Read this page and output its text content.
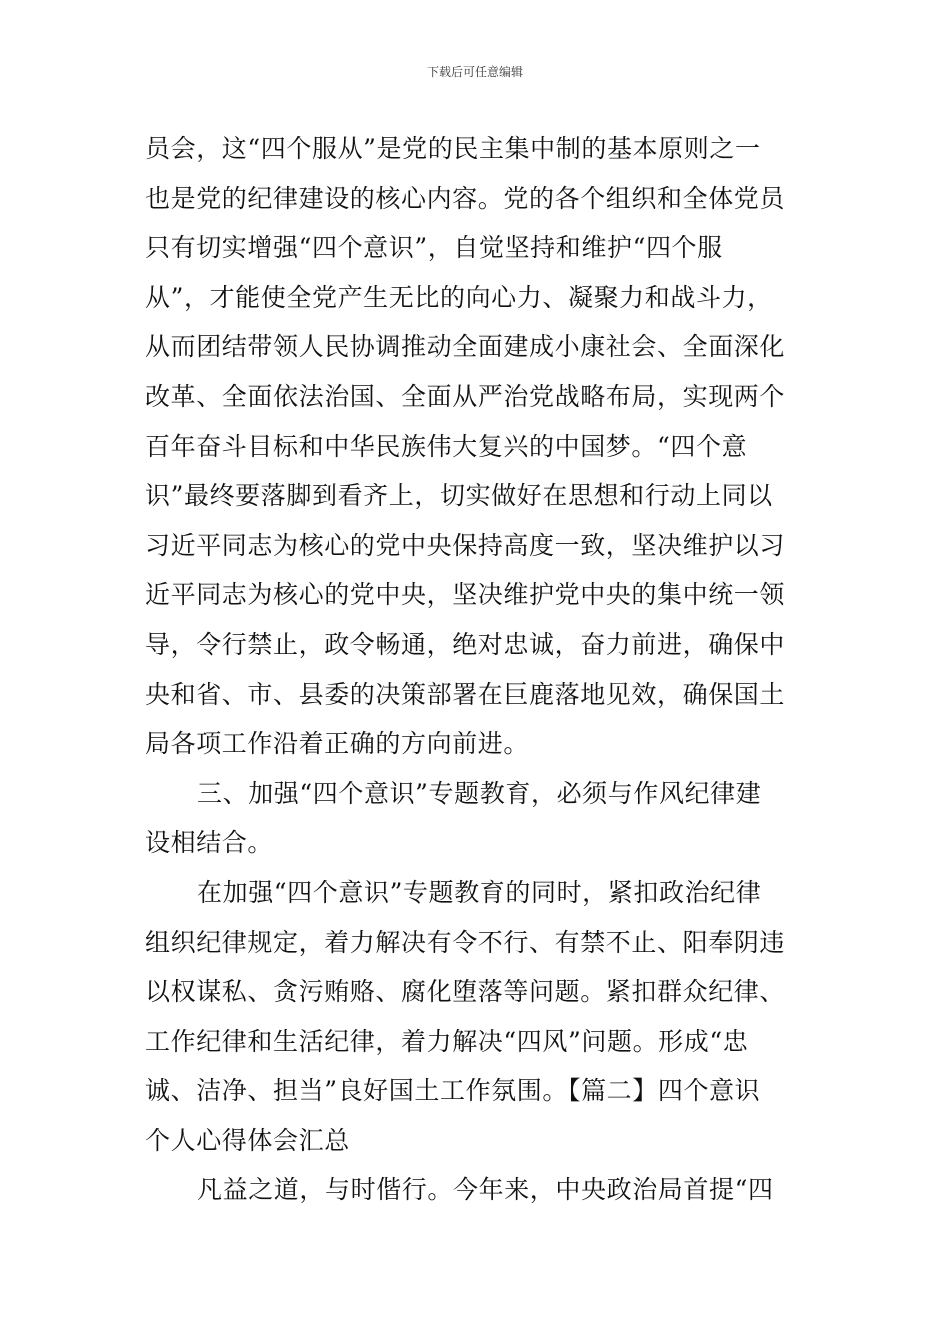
下载后可任意编辑
员会，这“四个服从”是党的民主集中制的基本原则之一
也是党的纪律建设的核心内容。党的各个组织和全体党员
只有切实增强“四个意识”，自觉坚持和维护“四个服
从”，才能使全党产生无比的向心力、凝聚力和战斗力，
从而团结带领人民协调推动全面建成小康社会、全面深化
改革、全面依法治国、全面从严治党战略布局，实现两个
百年奋斗目标和中华民族伟大复兴的中国梦。“四个意
识”最终要落脚到看齐上，切实做好在思想和行动上同以
习近平同志为核心的党中央保持高度一致，坚决维护以习
近平同志为核心的党中央，坚决维护党中央的集中统一领
导，令行禁止，政令畅通，绝对忠诚，奋力前进，确保中
央和省、市、县委的决策部署在巨鹿落地见效，确保国土
局各项工作沿着正确的方向前进。
三、加强“四个意识”专题教育，必须与作风纪律建
设相结合。
在加强“四个意识”专题教育的同时，紧扣政治纪律
组织纪律规定，着力解决有令不行、有禁不止、阳奉阴违
以权谋私、贪污贿赂、腐化堕落等问题。紧扣群众纪律、
工作纪律和生活纪律，着力解决“四风”问题。形成“忠
诚、洁净、担当”良好国土工作氛围。【篇二】四个意识
个人心得体会汇总
凡益之道，与时偕行。今年来，中央政治局首提“四
